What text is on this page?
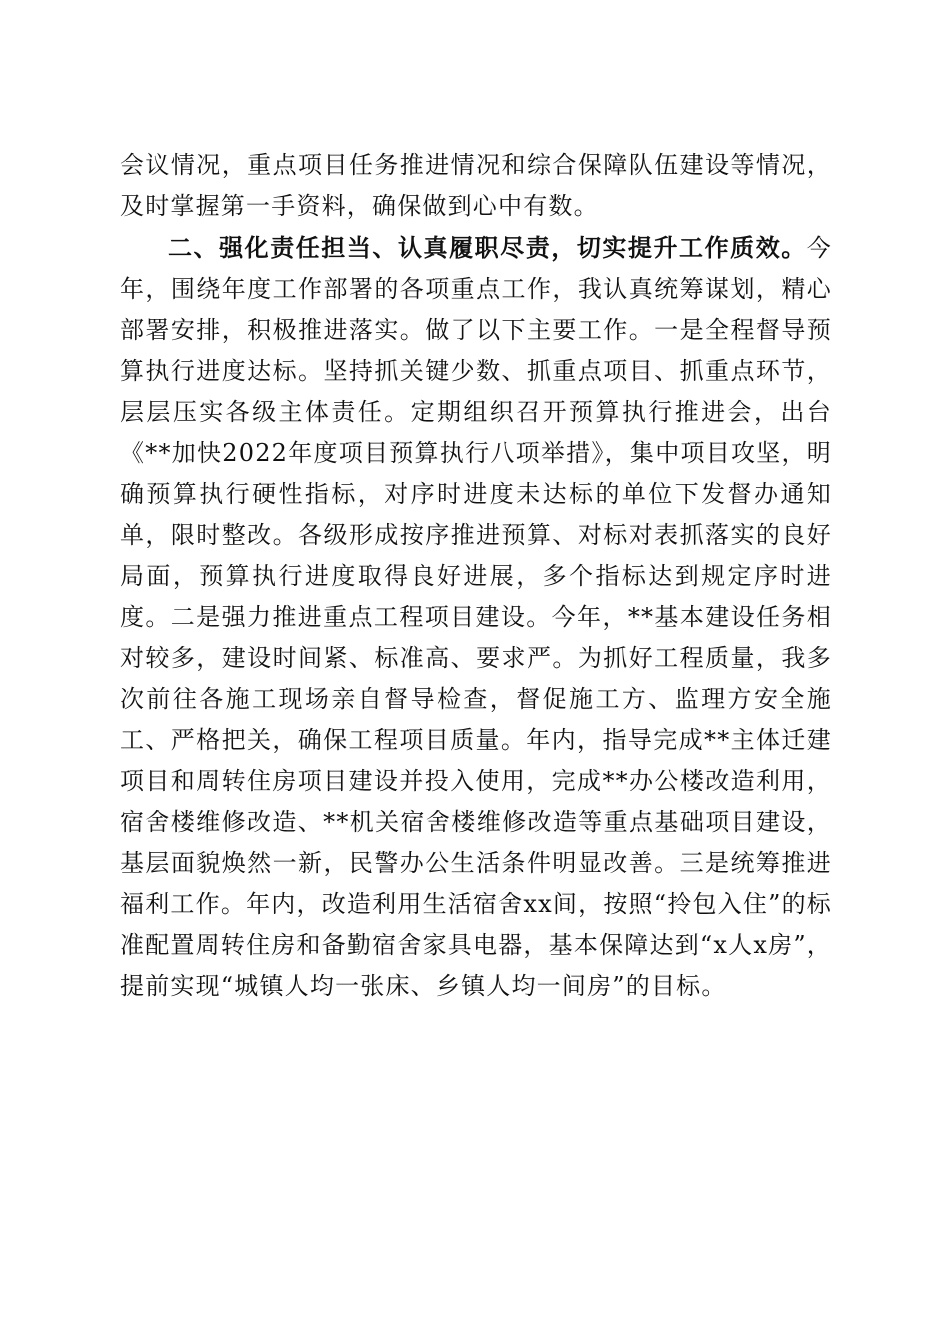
会议情况，重点项目任务推进情况和综合保障队伍建设等情况，及时掌握第一手资料，确保做到心中有数。

二、强化责任担当、认真履职尽责，切实提升工作质效。今年，围绕年度工作部署的各项重点工作，我认真统筹谋划，精心部署安排，积极推进落实。做了以下主要工作。一是全程督导预算执行进度达标。坚持抓关键少数、抓重点项目、抓重点环节，层层压实各级主体责任。定期组织召开预算执行推进会，出台《**加快2022年度项目预算执行八项举措》，集中项目攻坚，明确预算执行硬性指标，对序时进度未达标的单位下发督办通知单，限时整改。各级形成按序推进预算、对标对表抓落实的良好局面，预算执行进度取得良好进展，多个指标达到规定序时进度。二是强力推进重点工程项目建设。今年，**基本建设任务相对较多，建设时间紧、标准高、要求严。为抓好工程质量，我多次前往各施工现场亲自督导检查，督促施工方、监理方安全施工、严格把关，确保工程项目质量。年内，指导完成**主体迁建项目和周转住房项目建设并投入使用，完成**办公楼改造利用，宿舍楼维修改造、**机关宿舍楼维修改造等重点基础项目建设，基层面貌焕然一新，民警办公生活条件明显改善。三是统筹推进福利工作。年内，改造利用生活宿舍xx间，按照“拎包入住”的标准配置周转住房和备勤宿舍家具电器，基本保障达到“x人x房”，提前实现“城镇人均一张床、乡镇人均一间房”的目标。
